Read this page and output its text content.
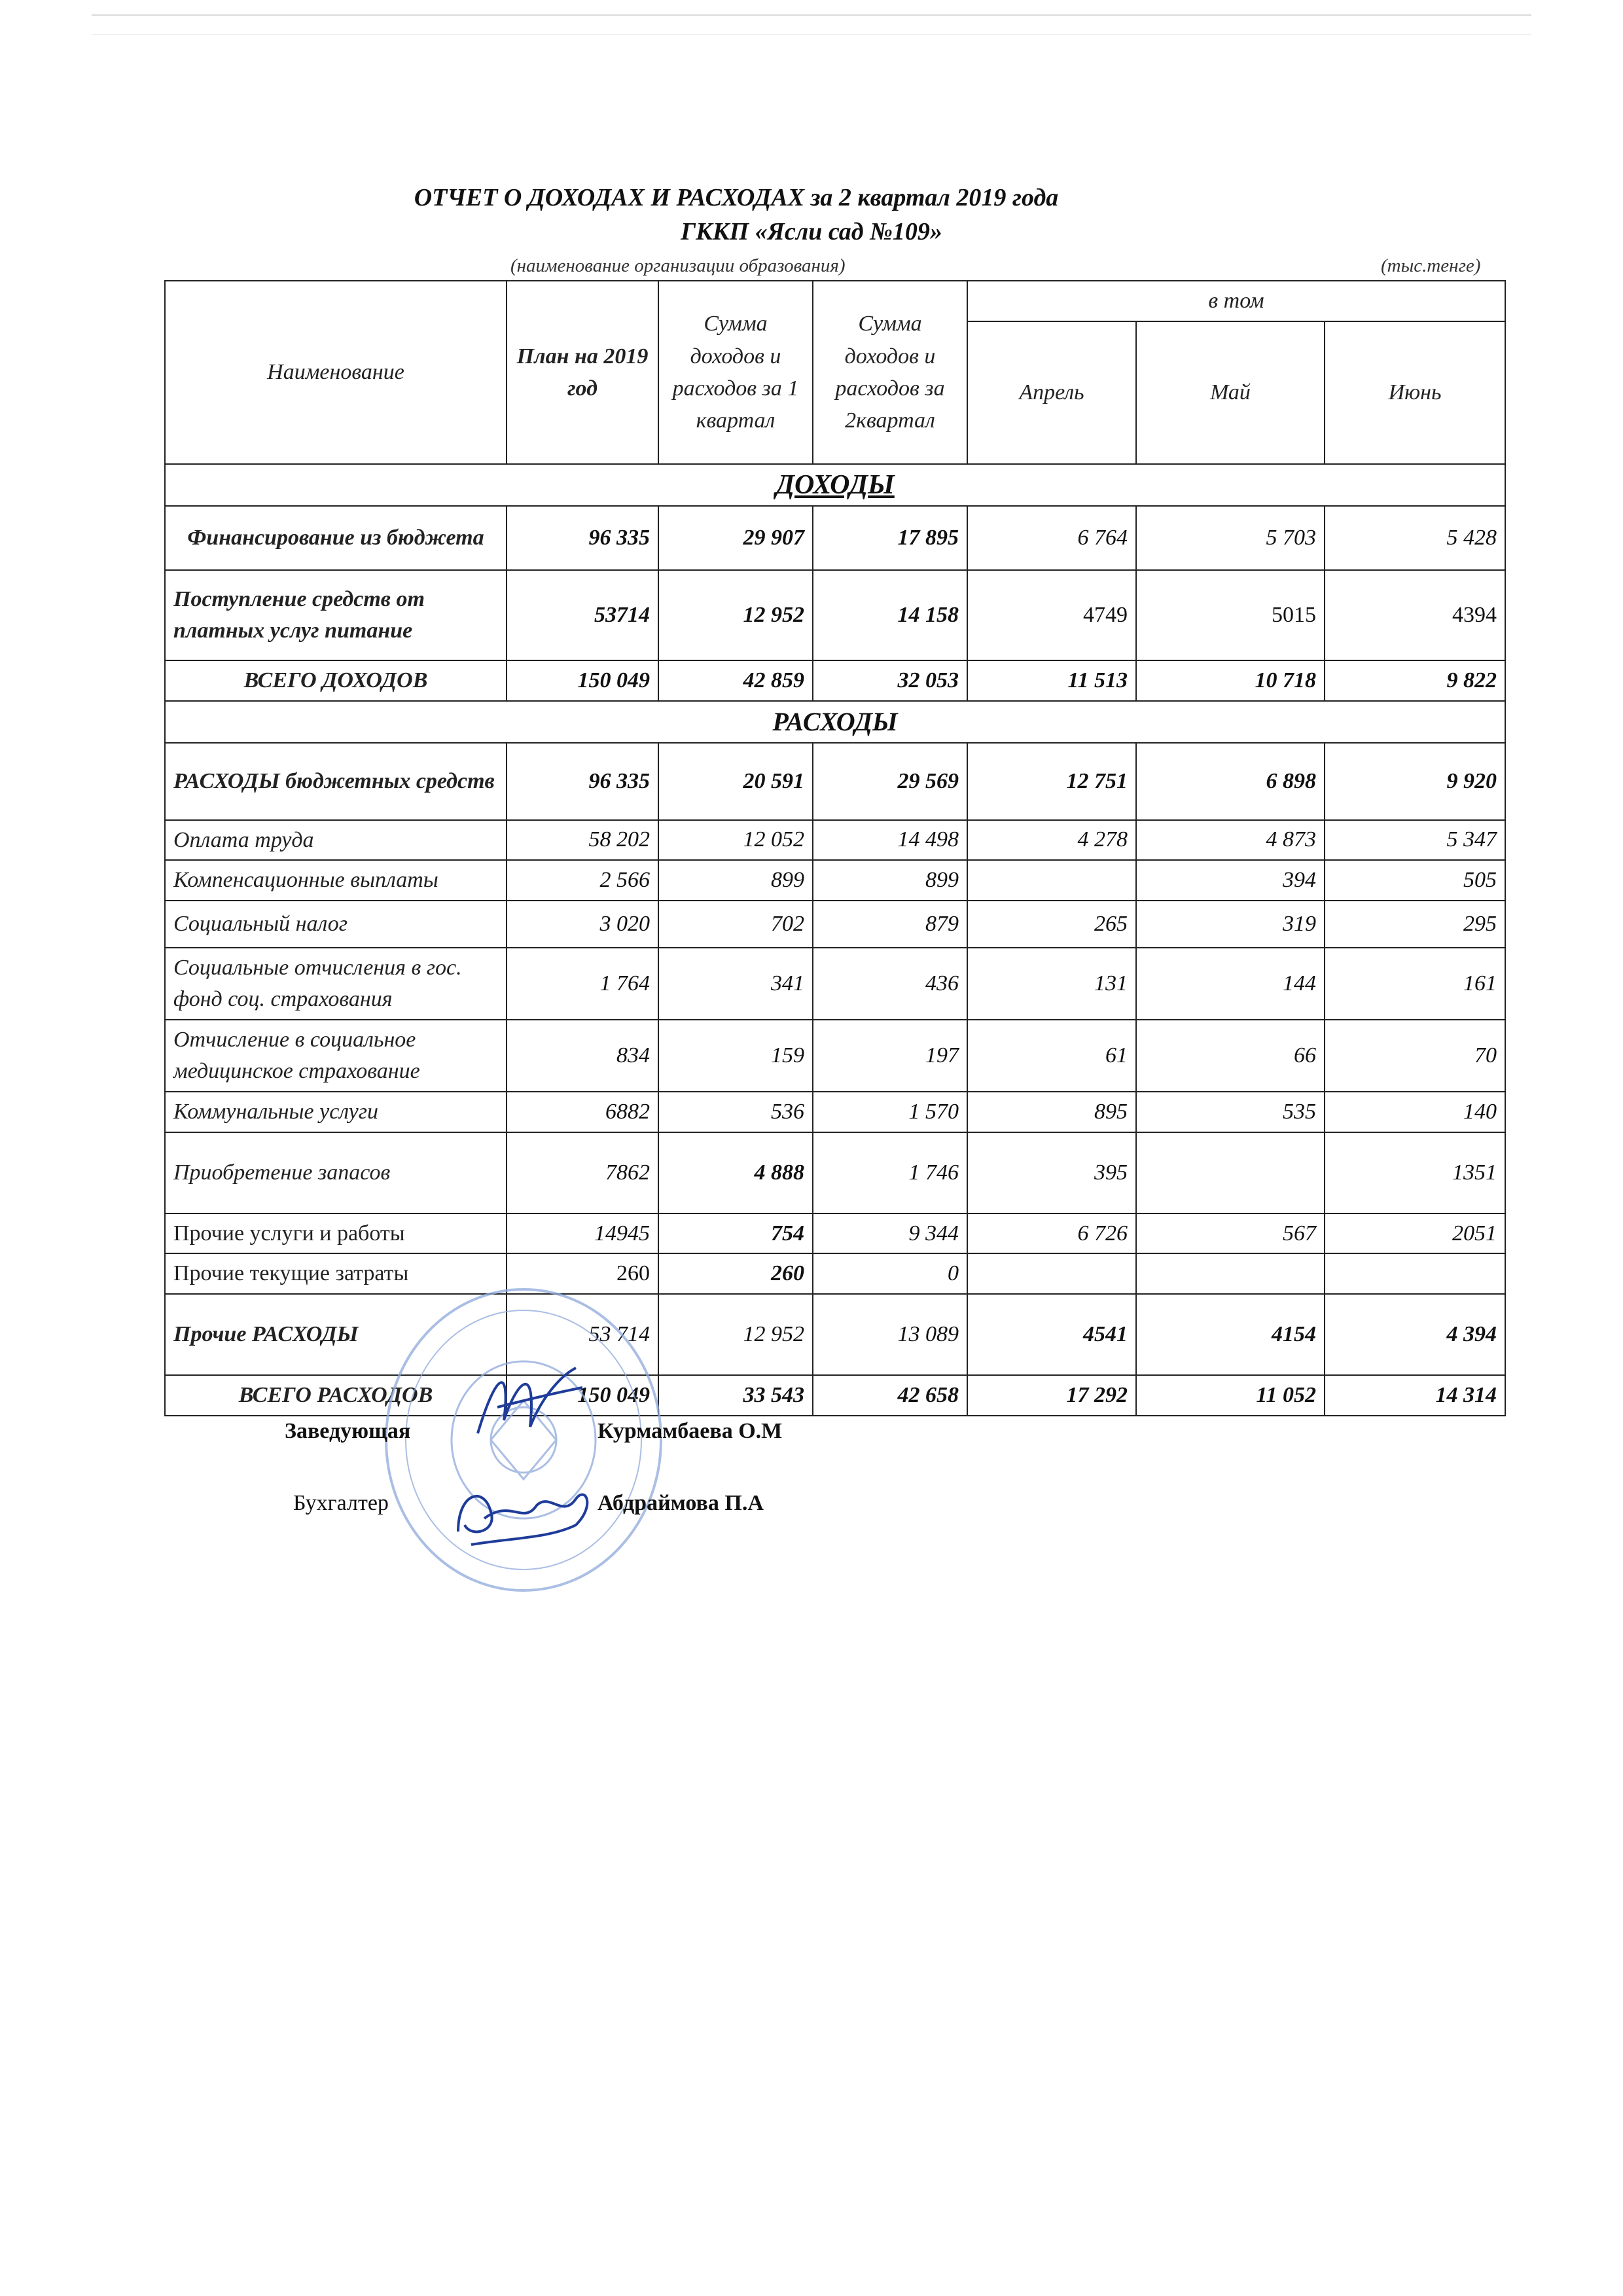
ОТЧЕТ О ДОХОДАХ И РАСХОДАХ за 2 квартал 2019 года
ГККП «Ясли сад №109»
(наименование организации образования)	(тыс.тенге)
Наименование	План на 2019 год	Сумма доходов и расходов за 1 квартал	Сумма доходов и расходов за 2квартал	в том		
				Апрель	Май	Июнь
ДОХОДЫ						
Финансирование из бюджета	96 335	29 907	17 895	6 764	5 703	5 428
Поступление средств от платных услуг питание	53714	12 952	14 158	4749	5015	4394
ВСЕГО ДОХОДОВ	150 049	42 859	32 053	11 513	10 718	9 822
РАСХОДЫ						
РАСХОДЫ бюджетных средств	96 335	20 591	29 569	12 751	6 898	9 920
Оплата труда	58 202	12 052	14 498	4 278	4 873	5 347
Компенсационные выплаты	2 566	899	899		394	505
Социальный налог	3 020	702	879	265	319	295
Социальные отчисления в гос. фонд соц. страхования	1 764	341	436	131	144	161
Отчисление в социальное медицинское страхование	834	159	197	61	66	70
Коммунальные услуги	6882	536	1 570	895	535	140
Приобретение запасов	7862	4 888	1 746	395		1351
Прочие услуги и работы	14945	754	9 344	6 726	567	2051
Прочие текущие затраты	260	260	0			
Прочие РАСХОДЫ	53 714	12 952	13 089	4541	4154	4 394
ВСЕГО РАСХОДОВ	150 049	33 543	42 658	17 292	11 052	14 314
Заведующая	Курмамбаева О.М
Бухгалтер	Абдраймова П.А
